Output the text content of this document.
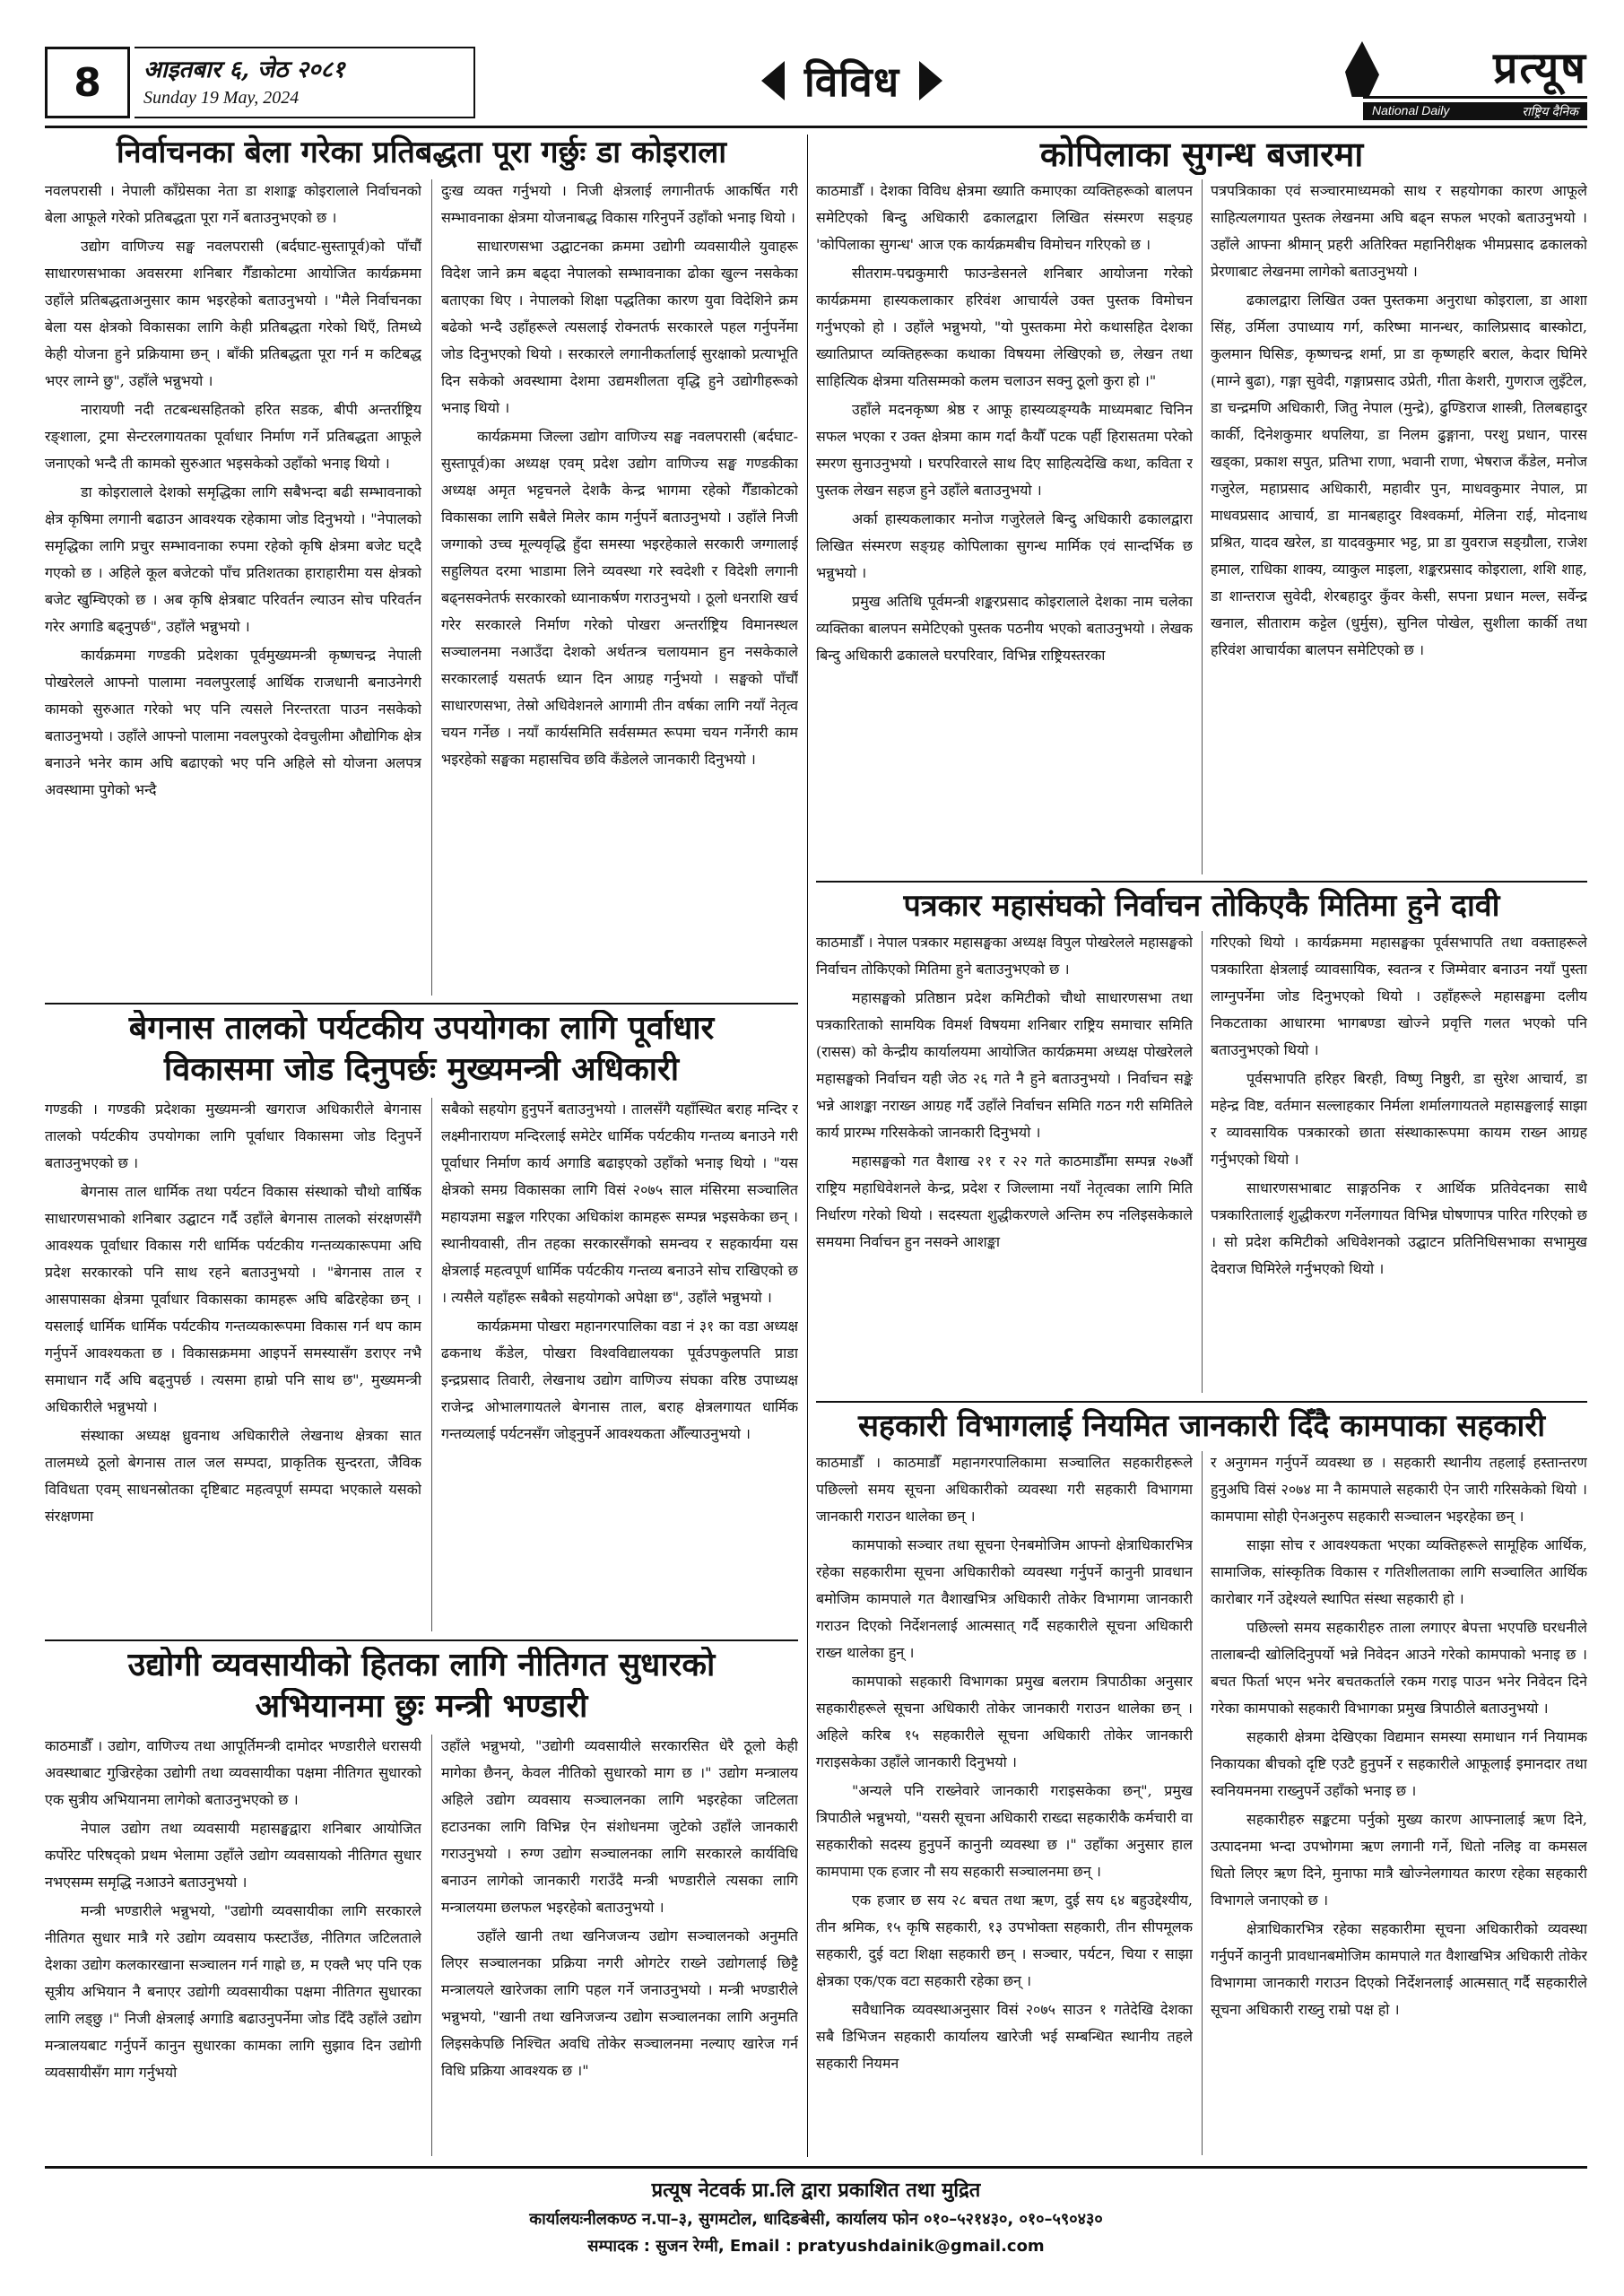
8	आइतबार ६, जेठ २०८१
Sunday 19 May, 2024	विविध	प्रत्यूष
National Daily	राष्ट्रिय दैनिक
निर्वाचनका बेला गरेका प्रतिबद्धता पूरा गर्छुः डा कोइराला

नवलपरासी । नेपाली काँग्रेसका नेता डा शशाङ्क कोइरालाले निर्वाचनको बेला आफूले गरेको प्रतिबद्धता पूरा गर्ने बताउनुभएको छ ।

उद्योग वाणिज्य सङ्घ नवलपरासी (बर्दघाट-सुस्तापूर्व)को पाँचौँ साधारणसभाका अवसरमा शनिबार गैँडाकोटमा आयोजित कार्यक्रममा उहाँले प्रतिबद्धताअनुसार काम भइरहेको बताउनुभयो । "मैले निर्वाचनका बेला यस क्षेत्रको विकासका लागि केही प्रतिबद्धता गरेको थिएँ, तिमध्ये केही योजना हुने प्रक्रियामा छन् । बाँकी प्रतिबद्धता पूरा गर्न म कटिबद्ध भएर लाग्ने छु", उहाँले भन्नुभयो ।

नारायणी नदी तटबन्धसहितको हरित सडक, बीपी अन्तर्राष्ट्रिय रङ्शाला, ट्रमा सेन्टरलगायतका पूर्वाधार निर्माण गर्ने प्रतिबद्धता आफूले जनाएको भन्दै ती कामको सुरुआत भइसकेको उहाँको भनाइ थियो ।

डा कोइरालाले देशको समृद्धिका लागि सबैभन्दा बढी सम्भावनाको क्षेत्र कृषिमा लगानी बढाउन आवश्यक रहेकामा जोड दिनुभयो । "नेपालको समृद्धिका लागि प्रचुर सम्भावनाका रुपमा रहेको कृषि क्षेत्रमा बजेट घट्दै गएको छ । अहिले कूल बजेटको पाँच प्रतिशतका हाराहारीमा यस क्षेत्रको बजेट खुम्चिएको छ । अब कृषि क्षेत्रबाट परिवर्तन ल्याउन सोच परिवर्तन गरेर अगाडि बढ्नुपर्छ", उहाँले भन्नुभयो ।

कार्यक्रममा गण्डकी प्रदेशका पूर्वमुख्यमन्त्री कृष्णचन्द्र नेपाली पोखरेलले आफ्नो पालामा नवलपुरलाई आर्थिक राजधानी बनाउनेगरी कामको सुरुआत गरेको भए पनि त्यसले निरन्तरता पाउन नसकेको बताउनुभयो । उहाँले आफ्नो पालामा नवलपुरको देवचुलीमा औद्योगिक क्षेत्र बनाउने भनेर काम अघि बढाएको भए पनि अहिले सो योजना अलपत्र अवस्थामा पुगेको भन्दै

दुःख व्यक्त गर्नुभयो । निजी क्षेत्रलाई लगानीतर्फ आकर्षित गरी सम्भावनाका क्षेत्रमा योजनाबद्ध विकास गरिनुपर्ने उहाँको भनाइ थियो ।

साधारणसभा उद्घाटनका क्रममा उद्योगी व्यवसायीले युवाहरू विदेश जाने क्रम बढ्दा नेपालको सम्भावनाका ढोका खुल्न नसकेका बताएका थिए । नेपालको शिक्षा पद्धतिका कारण युवा विदेशिने क्रम बढेको भन्दै उहाँहरूले त्यसलाई रोक्नतर्फ सरकारले पहल गर्नुपर्नेमा जोड दिनुभएको थियो । सरकारले लगानीकर्तालाई सुरक्षाको प्रत्याभूति दिन सकेको अवस्थामा देशमा उद्यमशीलता वृद्धि हुने उद्योगीहरूको भनाइ थियो ।

कार्यक्रममा जिल्ला उद्योग वाणिज्य सङ्घ नवलपरासी (बर्दघाट-सुस्तापूर्व)का अध्यक्ष एवम् प्रदेश उद्योग वाणिज्य सङ्घ गण्डकीका अध्यक्ष अमृत भट्टचनले देशकै केन्द्र भागमा रहेको गैँडाकोटको विकासका लागि सबैले मिलेर काम गर्नुपर्ने बताउनुभयो । उहाँले निजी जग्गाको उच्च मूल्यवृद्धि हुँदा समस्या भइरहेकाले सरकारी जग्गालाई सहुलियत दरमा भाडामा लिने व्यवस्था गरे स्वदेशी र विदेशी लगानी बढ्नसक्नेतर्फ सरकारको ध्यानाकर्षण गराउनुभयो । ठूलो धनराशि खर्च गरेर सरकारले निर्माण गरेको पोखरा अन्तर्राष्ट्रिय विमानस्थल सञ्चालनमा नआउँदा देशको अर्थतन्त्र चलायमान हुन नसकेकाले सरकारलाई यसतर्फ ध्यान दिन आग्रह गर्नुभयो । सङ्घको पाँचौँ साधारणसभा, तेस्रो अधिवेशनले आगामी तीन वर्षका लागि नयाँ नेतृत्व चयन गर्नेछ । नयाँ कार्यसमिति सर्वसम्मत रूपमा चयन गर्नेगरी काम भइरहेको सङ्घका महासचिव छवि कँडेलले जानकारी दिनुभयो ।

कोपिलाका सुगन्ध बजारमा

काठमाडौँ । देशका विविध क्षेत्रमा ख्याति कमाएका व्यक्तिहरूको बालपन समेटिएको बिन्दु अधिकारी ढकालद्वारा लिखित संस्मरण सङ्ग्रह 'कोपिलाका सुगन्ध' आज एक कार्यक्रमबीच विमोचन गरिएको छ ।

सीतराम-पद्मकुमारी फाउन्डेसनले शनिबार आयोजना गरेको कार्यक्रममा हास्यकलाकार हरिवंश आचार्यले उक्त पुस्तक विमोचन गर्नुभएको हो । उहाँले भन्नुभयो, "यो पुस्तकमा मेरो कथासहित देशका ख्यातिप्राप्त व्यक्तिहरूका कथाका विषयमा लेखिएको छ, लेखन तथा साहित्यिक क्षेत्रमा यतिसम्मको कलम चलाउन सक्नु ठूलो कुरा हो ।"

उहाँले मदनकृष्ण श्रेष्ठ र आफू हास्यव्यङ्ग्यकै माध्यमबाट चिनिन सफल भएका र उक्त क्षेत्रमा काम गर्दा कैयौँ पटक पर्ही हिरासतमा परेको स्मरण सुनाउनुभयो । घरपरिवारले साथ दिए साहित्यदेखि कथा, कविता र पुस्तक लेखन सहज हुने उहाँले बताउनुभयो ।

अर्का हास्यकलाकार मनोज गजुरेलले बिन्दु अधिकारी ढकालद्वारा लिखित संस्मरण सङ्ग्रह कोपिलाका सुगन्ध मार्मिक एवं सान्दर्भिक छ भन्नुभयो ।

प्रमुख अतिथि पूर्वमन्त्री शङ्करप्रसाद कोइरालाले देशका नाम चलेका व्यक्तिका बालपन समेटिएको पुस्तक पठनीय भएको बताउनुभयो । लेखक बिन्दु अधिकारी ढकालले घरपरिवार, विभिन्न राष्ट्रियस्तरका

पत्रपत्रिकाका एवं सञ्चारमाध्यमको साथ र सहयोगका कारण आफूले साहित्यलगायत पुस्तक लेखनमा अघि बढ्न सफल भएको बताउनुभयो । उहाँले आफ्ना श्रीमान् प्रहरी अतिरिक्त महानिरीक्षक भीमप्रसाद ढकालको प्रेरणाबाट लेखनमा लागेको बताउनुभयो ।

ढकालद्वारा लिखित उक्त पुस्तकमा अनुराधा कोइराला, डा आशा सिंह, उर्मिला उपाध्याय गर्ग, करिष्मा मानन्धर, कालिप्रसाद बास्कोटा, कुलमान घिसिङ, कृष्णचन्द्र शर्मा, प्रा डा कृष्णहरि बराल, केदार घिमिरे (माग्ने बुढा), गङ्गा सुवेदी, गङ्गाप्रसाद उप्रेती, गीता केशरी, गुणराज लुइँटेल, डा चन्द्रमणि अधिकारी, जितु नेपाल (मुन्द्रे), ढुण्डिराज शास्त्री, तिलबहादुर कार्की, दिनेशकुमार थपलिया, डा निलम ढुङ्गाना, परशु प्रधान, पारस खड्का, प्रकाश सपुत, प्रतिभा राणा, भवानी राणा, भेषराज कँडेल, मनोज गजुरेल, महाप्रसाद अधिकारी, महावीर पुन, माधवकुमार नेपाल, प्रा माधवप्रसाद आचार्य, डा मानबहादुर विश्वकर्मा, मेलिना राई, मोदनाथ प्रश्रित, यादव खरेल, डा यादवकुमार भट्ट, प्रा डा युवराज सङ्ग्रौला, राजेश हमाल, राधिका शाक्य, व्याकुल माइला, शङ्करप्रसाद कोइराला, शशि शाह, डा शान्तराज सुवेदी, शेरबहादुर कुँवर केसी, सपना प्रधान मल्ल, सर्वेन्द्र खनाल, सीताराम कट्टेल (धुर्मुस), सुनिल पोखेल, सुशीला कार्की तथा हरिवंश आचार्यका बालपन समेटिएको छ ।

बेगनास तालको पर्यटकीय उपयोगका लागि पूर्वाधार
विकासमा जोड दिनुपर्छः मुख्यमन्त्री अधिकारी

गण्डकी । गण्डकी प्रदेशका मुख्यमन्त्री खगराज अधिकारीले बेगनास तालको पर्यटकीय उपयोगका लागि पूर्वाधार विकासमा जोड दिनुपर्ने बताउनुभएको छ ।

बेगनास ताल धार्मिक तथा पर्यटन विकास संस्थाको चौथो वार्षिक साधारणसभाको शनिबार उद्घाटन गर्दै उहाँले बेगनास तालको संरक्षणसँगै आवश्यक पूर्वाधार विकास गरी धार्मिक पर्यटकीय गन्तव्यकारूपमा अघि प्रदेश सरकारको पनि साथ रहने बताउनुभयो । "बेगनास ताल र आसपासका क्षेत्रमा पूर्वाधार विकासका कामहरू अघि बढिरहेका छन् । यसलाई धार्मिक धार्मिक पर्यटकीय गन्तव्यकारूपमा विकास गर्न थप काम गर्नुपर्ने आवश्यकता छ । विकासक्रममा आइपर्ने समस्यासँग डराएर नभै समाधान गर्दै अघि बढ्नुपर्छ । त्यसमा हाम्रो पनि साथ छ", मुख्यमन्त्री अधिकारीले भन्नुभयो ।

संस्थाका अध्यक्ष ध्रुवनाथ अधिकारीले लेखनाथ क्षेत्रका सात तालमध्ये ठूलो बेगनास ताल जल सम्पदा, प्राकृतिक सुन्दरता, जैविक विविधता एवम् साधनस्रोतका दृष्टिबाट महत्वपूर्ण सम्पदा भएकाले यसको संरक्षणमा

सबैको सहयोग हुनुपर्ने बताउनुभयो । तालसँगै यहाँस्थित बराह मन्दिर र लक्ष्मीनारायण मन्दिरलाई समेटेर धार्मिक पर्यटकीय गन्तव्य बनाउने गरी पूर्वाधार निर्माण कार्य अगाडि बढाइएको उहाँको भनाइ थियो । "यस क्षेत्रको समग्र विकासका लागि विसं २०७५ साल मंसिरमा सञ्चालित महायज्ञमा सङ्कल गरिएका अधिकांश कामहरू सम्पन्न भइसकेका छन् । स्थानीयवासी, तीन तहका सरकारसँगको समन्वय र सहकार्यमा यस क्षेत्रलाई महत्वपूर्ण धार्मिक पर्यटकीय गन्तव्य बनाउने सोच राखिएको छ । त्यसैले यहाँहरू सबैको सहयोगको अपेक्षा छ", उहाँले भन्नुभयो ।

कार्यक्रममा पोखरा महानगरपालिका वडा नं ३१ का वडा अध्यक्ष ढकनाथ कँडेल, पोखरा विश्वविद्यालयका पूर्वउपकुलपति प्राडा इन्द्रप्रसाद तिवारी, लेखनाथ उद्योग वाणिज्य संघका वरिष्ठ उपाध्यक्ष राजेन्द्र ओभालगायतले बेगनास ताल, बराह क्षेत्रलगायत धार्मिक गन्तव्यलाई पर्यटनसँग जोड्नुपर्ने आवश्यकता औँल्याउनुभयो ।

पत्रकार महासंघको निर्वाचन तोकिएकै मितिमा हुने दावी

काठमाडौँ । नेपाल पत्रकार महासङ्घका अध्यक्ष विपुल पोखरेलले महासङ्घको निर्वाचन तोकिएको मितिमा हुने बताउनुभएको छ ।

महासङ्घको प्रतिष्ठान प्रदेश कमिटीको चौथो साधारणसभा तथा पत्रकारिताको सामयिक विमर्श विषयमा शनिबार राष्ट्रिय समाचार समिति (रासस) को केन्द्रीय कार्यालयमा आयोजित कार्यक्रममा अध्यक्ष पोखरेलले महासङ्घको निर्वाचन यही जेठ २६ गते नै हुने बताउनुभयो । निर्वाचन सङ्के भन्ने आशङ्का नराख्न आग्रह गर्दै उहाँले निर्वाचन समिति गठन गरी समितिले कार्य प्रारम्भ गरिसकेको जानकारी दिनुभयो ।

महासङ्घको गत वैशाख २१ र २२ गते काठमाडौँमा सम्पन्न २७औँ राष्ट्रिय महाधिवेशनले केन्द्र, प्रदेश र जिल्लामा नयाँ नेतृत्वका लागि मिति निर्धारण गरेको थियो । सदस्यता शुद्धीकरणले अन्तिम रुप नलिइसकेकाले समयमा निर्वाचन हुन नसक्ने आशङ्का

गरिएको थियो । कार्यक्रममा महासङ्घका पूर्वसभापति तथा वक्ताहरूले पत्रकारिता क्षेत्रलाई व्यावसायिक, स्वतन्त्र र जिम्मेवार बनाउन नयाँ पुस्ता लाग्नुपर्नेमा जोड दिनुभएको थियो । उहाँहरूले महासङ्घमा दलीय निकटताका आधारमा भागबण्डा खोज्ने प्रवृत्ति गलत भएको पनि बताउनुभएको थियो ।

पूर्वसभापति हरिहर बिरही, विष्णु निष्ठुरी, डा सुरेश आचार्य, डा महेन्द्र विष्ट, वर्तमान सल्लाहकार निर्मला शर्मालगायतले महासङ्घलाई साझा र व्यावसायिक पत्रकारको छाता संस्थाकारूपमा कायम राख्न आग्रह गर्नुभएको थियो ।

साधारणसभाबाट साङ्गठनिक र आर्थिक प्रतिवेदनका साथै पत्रकारितालाई शुद्धीकरण गर्नेलगायत विभिन्न घोषणापत्र पारित गरिएको छ । सो प्रदेश कमिटीको अधिवेशनको उद्घाटन प्रतिनिधिसभाका सभामुख देवराज घिमिरेले गर्नुभएको थियो ।

सहकारी विभागलाई नियमित जानकारी दिँदै कामपाका सहकारी

काठमाडौँ । काठमाडौँ महानगरपालिकामा सञ्चालित सहकारीहरूले पछिल्लो समय सूचना अधिकारीको व्यवस्था गरी सहकारी विभागमा जानकारी गराउन थालेका छन् ।

कामपाको सञ्चार तथा सूचना ऐनबमोजिम आफ्नो क्षेत्राधिकारभित्र रहेका सहकारीमा सूचना अधिकारीको व्यवस्था गर्नुपर्ने कानुनी प्रावधान बमोजिम कामपाले गत वैशाखभित्र अधिकारी तोकेर विभागमा जानकारी गराउन दिएको निर्देशनलाई आत्मसात् गर्दै सहकारीले सूचना अधिकारी राख्न थालेका हुन् ।

कामपाको सहकारी विभागका प्रमुख बलराम त्रिपाठीका अनुसार सहकारीहरूले सूचना अधिकारी तोकेर जानकारी गराउन थालेका छन् । अहिले करिब १५ सहकारीले सूचना अधिकारी तोकेर जानकारी गराइसकेका उहाँले जानकारी दिनुभयो ।

"अन्यले पनि राख्नेवारे जानकारी गराइसकेका छन्", प्रमुख त्रिपाठीले भन्नुभयो, "यसरी सूचना अधिकारी राख्दा सहकारीकै कर्मचारी वा सहकारीको सदस्य हुनुपर्ने कानुनी व्यवस्था छ ।" उहाँका अनुसार हाल कामपामा एक हजार नौ सय सहकारी सञ्चालनमा छन् ।

एक हजार छ सय २८ बचत तथा ऋण, दुई सय ६४ बहुउद्देश्यीय, तीन श्रमिक, १५ कृषि सहकारी, १३ उपभोक्ता सहकारी, तीन सीपमूलक सहकारी, दुई वटा शिक्षा सहकारी छन् । सञ्चार, पर्यटन, चिया र साझा क्षेत्रका एक/एक वटा सहकारी रहेका छन् ।

सवैधानिक व्यवस्थाअनुसार विसं २०७५ साउन १ गतेदेखि देशका सबै डिभिजन सहकारी कार्यालय खारेजी भई सम्बन्धित स्थानीय तहले सहकारी नियमन

र अनुगमन गर्नुपर्ने व्यवस्था छ । सहकारी स्थानीय तहलाई हस्तान्तरण हुनुअघि विसं २०७४ मा नै कामपाले सहकारी ऐन जारी गरिसकेको थियो । कामपामा सोही ऐनअनुरुप सहकारी सञ्चालन भइरहेका छन् ।

साझा सोच र आवश्यकता भएका व्यक्तिहरूले सामूहिक आर्थिक, सामाजिक, सांस्कृतिक विकास र गतिशीलताका लागि सञ्चालित आर्थिक कारोबार गर्ने उद्देश्यले स्थापित संस्था सहकारी हो ।

पछिल्लो समय सहकारीहरु ताला लगाएर बेपत्ता भएपछि घरधनीले तालाबन्दी खोलिदिनुपर्यो भन्ने निवेदन आउने गरेको कामपाको भनाइ छ । बचत फिर्ता भएन भनेर बचतकर्ताले रकम गराइ पाउन भनेर निवेदन दिने गरेका कामपाको सहकारी विभागका प्रमुख त्रिपाठीले बताउनुभयो ।

सहकारी क्षेत्रमा देखिएका विद्यमान समस्या समाधान गर्न नियामक निकायका बीचको दृष्टि एउटै हुनुपर्ने र सहकारीले आफूलाई इमानदार तथा स्वनियमनमा राख्नुपर्ने उहाँको भनाइ छ ।

सहकारीहरु सङ्कटमा पर्नुको मुख्य कारण आफ्नालाई ऋण दिने, उत्पादनमा भन्दा उपभोगमा ऋण लगानी गर्ने, धितो नलिइ वा कमसल धितो लिएर ऋण दिने, मुनाफा मात्रै खोज्नेलगायत कारण रहेका सहकारी विभागले जनाएको छ ।

क्षेत्राधिकारभित्र रहेका सहकारीमा सूचना अधिकारीको व्यवस्था गर्नुपर्ने कानुनी प्रावधानबमोजिम कामपाले गत वैशाखभित्र अधिकारी तोकेर विभागमा जानकारी गराउन दिएको निर्देशनलाई आत्मसात् गर्दै सहकारीले सूचना अधिकारी राख्नु राम्रो पक्ष हो ।

उद्योगी व्यवसायीको हितका लागि नीतिगत सुधारको
अभियानमा छुः मन्त्री भण्डारी

काठमाडौँ । उद्योग, वाणिज्य तथा आपूर्तिमन्त्री दामोदर भण्डारीले धरासयी अवस्थाबाट गुज्रिरहेका उद्योगी तथा व्यवसायीका पक्षमा नीतिगत सुधारको एक सुत्रीय अभियानमा लागेको बताउनुभएको छ ।

नेपाल उद्योग तथा व्यवसायी महासङ्घद्वारा शनिबार आयोजित कर्पोरेट परिषद्को प्रथम भेलामा उहाँले उद्योग व्यवसायको नीतिगत सुधार नभएसम्म समृद्धि नआउने बताउनुभयो ।

मन्त्री भण्डारीले भन्नुभयो, "उद्योगी व्यवसायीका लागि सरकारले नीतिगत सुधार मात्रै गरे उद्योग व्यवसाय फस्टाउँछ, नीतिगत जटिलताले देशका उद्योग कलकारखाना सञ्चालन गर्न गाह्रो छ, म एक्लै भए पनि एक सूत्रीय अभियान नै बनाएर उद्योगी व्यवसायीका पक्षमा नीतिगत सुधारका लागि लड्छु ।" निजी क्षेत्रलाई अगाडि बढाउनुपर्नेमा जोड दिँदै उहाँले उद्योग मन्त्रालयबाट गर्नुपर्ने कानुन सुधारका कामका लागि सुझाव दिन उद्योगी व्यवसायीसँग माग गर्नुभयो

उहाँले भन्नुभयो, "उद्योगी व्यवसायीले सरकारसित धेरै ठूलो केही मागेका छैनन्, केवल नीतिको सुधारको माग छ ।" उद्योग मन्त्रालय अहिले उद्योग व्यवसाय सञ्चालनका लागि भइरहेका जटिलता हटाउनका लागि विभिन्न ऐन संशोधनमा जुटेको उहाँले जानकारी गराउनुभयो । रुग्ण उद्योग सञ्चालनका लागि सरकारले कार्यविधि बनाउन लागेको जानकारी गराउँदै मन्त्री भण्डारीले त्यसका लागि मन्त्रालयमा छलफल भइरहेको बताउनुभयो ।

उहाँले खानी तथा खनिजजन्य उद्योग सञ्चालनको अनुमति लिएर सञ्चालनका प्रक्रिया नगरी ओगटेर राख्ने उद्योगलाई छिट्टै मन्त्रालयले खारेजका लागि पहल गर्ने जनाउनुभयो । मन्त्री भण्डारीले भन्नुभयो, "खानी तथा खनिजजन्य उद्योग सञ्चालनका लागि अनुमति लिइसकेपछि निश्चित अवधि तोकेर सञ्चालनमा नल्याए खारेज गर्न विधि प्रक्रिया आवश्यक छ ।"

प्रत्यूष नेटवर्क प्रा.लि द्वारा प्रकाशित तथा मुद्रित
कार्यालयःनीलकण्ठ न.पा–३, सुगमटोल, धादिङबेसी, कार्यालय फोन ०१०–५२१४३०, ०१०–५९०४३०
सम्पादक : सुजन रेग्मी, Email : pratyushdainik@gmail.com
